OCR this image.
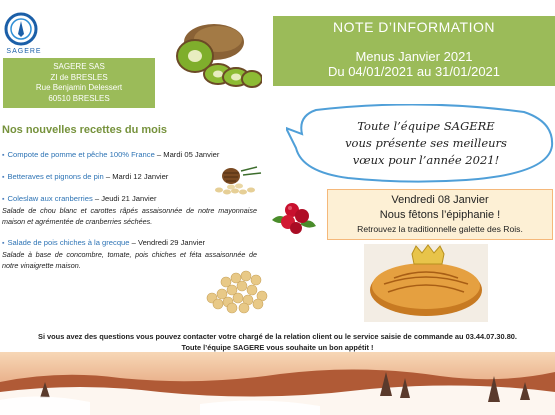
SAGERE
SAGERE SAS
ZI de BRESLES
Rue Benjamin Delessert
60510 BRESLES
NOTE D’INFORMATION
Menus Janvier 2021
Du 04/01/2021 au 31/01/2021
Toute l’équipe SAGERE
vous présente ses meilleurs
vœux pour l’année 2021!
Nos nouvelles recettes du mois
▪ Compote de pomme et pêche 100% France – Mardi 05 Janvier
▪ Betteraves et pignons de pin – Mardi 12 Janvier
▪ Coleslaw aux cranberries – Jeudi 21 Janvier
Salade de chou blanc et carottes râpés assaisonnée de notre mayonnaise maison et agrémentée de cranberries séchées.
▪ Salade de pois chiches à la grecque – Vendredi 29 Janvier
Salade à base de concombre, tomate, pois chiches et féta assaisonnée de notre vinaigrette maison.
Vendredi 08 Janvier
Nous fêtons l’épiphanie !
Retrouvez la traditionnelle galette des Rois.
Si vous avez des questions vous pouvez contacter votre chargé de la relation client ou le service saisie de commande au 03.44.07.30.80.
Toute l’équipe SAGERE vous souhaite un bon appétit !
